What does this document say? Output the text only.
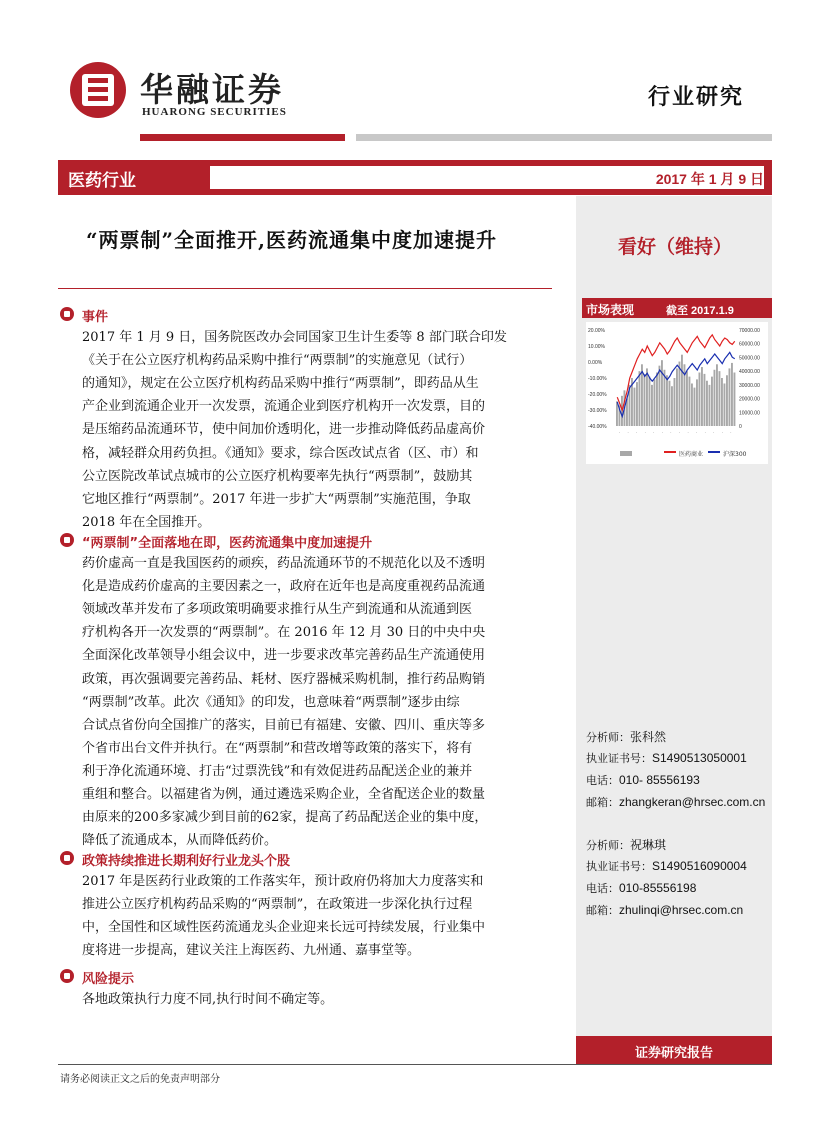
华融证券
HUARONG SECURITIES
行业研究
医药行业	2017 年 1 月 9 日
“两票制”全面推开,医药流通集中度加速提升	看好（维持）
市场表现	截至 2017.1.9
20.00%
10.00%
0.00%
-10.00%
-20.00%
-30.00%
-40.00%
70000.00
60000.00
50000.00
40000.00
30000.00
20000.00
10000.00
0
· · · · · · · · · · · · · ·
医药商业	沪深300
分析师：张科然
执业证书号：S1490513050001
电话：010- 85556193
邮箱：zhangkeran@hrsec.com.cn
分析师：祝琳琪
执业证书号：S1490516090004
电话：010-85556198
邮箱：zhulinqi@hrsec.com.cn
事件
2017 年 1 月 9 日，国务院医改办会同国家卫生计生委等 8 部门联合印发
《关于在公立医疗机构药品采购中推行“两票制”的实施意见（试行）
的通知》，规定在公立医疗机构药品采购中推行“两票制”，即药品从生
产企业到流通企业开一次发票，流通企业到医疗机构开一次发票，目的
是压缩药品流通环节，使中间加价透明化，进一步推动降低药品虚高价
格，减轻群众用药负担。《通知》要求，综合医改试点省（区、市）和
公立医院改革试点城市的公立医疗机构要率先执行“两票制”，鼓励其
它地区推行“两票制”。2017 年进一步扩大“两票制”实施范围，争取
2018 年在全国推开。
“两票制”全面落地在即，医药流通集中度加速提升
药价虚高一直是我国医药的顽疾，药品流通环节的不规范化以及不透明
化是造成药价虚高的主要因素之一，政府在近年也是高度重视药品流通
领域改革并发布了多项政策明确要求推行从生产到流通和从流通到医
疗机构各开一次发票的“两票制”。在 2016 年 12 月 30 日的中央中央
全面深化改革领导小组会议中，进一步要求改革完善药品生产流通使用
政策，再次强调要完善药品、耗材、医疗器械采购机制，推行药品购销
“两票制”改革。此次《通知》的印发，也意味着“两票制”逐步由综
合试点省份向全国推广的落实，目前已有福建、安徽、四川、重庆等多
个省市出台文件并执行。在“两票制”和营改增等政策的落实下，将有
利于净化流通环境、打击“过票洗钱”和有效促进药品配送企业的兼并
重组和整合。以福建省为例，通过遴选采购企业，全省配送企业的数量
由原来的200多家减少到目前的62家，提高了药品配送企业的集中度，
降低了流通成本，从而降低药价。
政策持续推进长期利好行业龙头个股
2017 年是医药行业政策的工作落实年，预计政府仍将加大力度落实和
推进公立医疗机构药品采购的“两票制”，在政策进一步深化执行过程
中，全国性和区域性医药流通龙头企业迎来长远可持续发展，行业集中
度将进一步提高，建议关注上海医药、九州通、嘉事堂等。
风险提示
各地政策执行力度不同,执行时间不确定等。
证券研究报告
请务必阅读正文之后的免责声明部分
